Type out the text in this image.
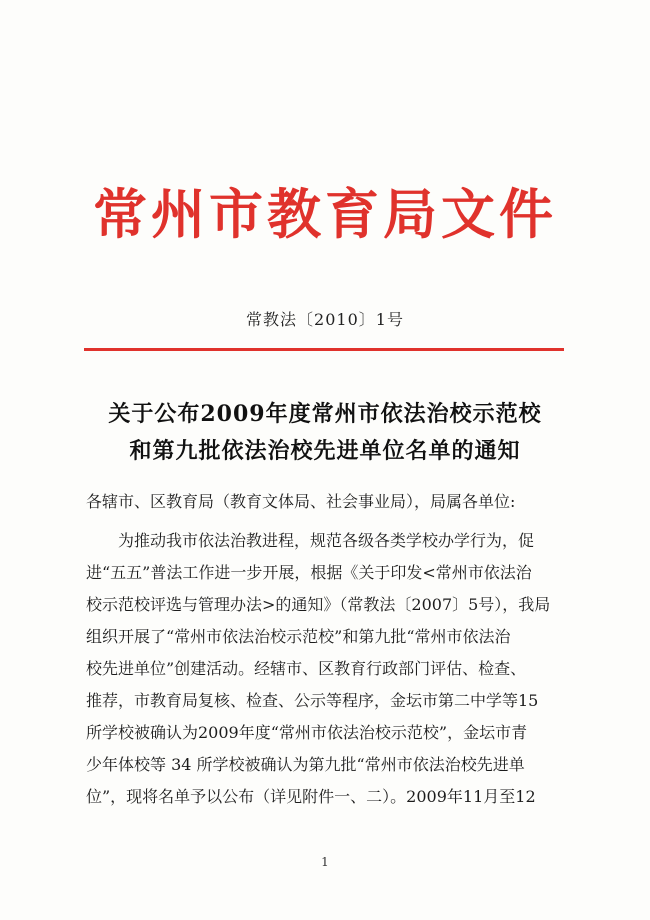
常州市教育局文件
常教法〔2010〕1号
关于公布2009年度常州市依法治校示范校
和第九批依法治校先进单位名单的通知
各辖市、区教育局（教育文体局、社会事业局），局属各单位:
为推动我市依法治教进程，规范各级各类学校办学行为，促
进“五五”普法工作进一步开展，根据《关于印发<常州市依法治
校示范校评选与管理办法>的通知》（常教法〔2007〕5号），我局
组织开展了“常州市依法治校示范校”和第九批“常州市依法治
校先进单位”创建活动。经辖市、区教育行政部门评估、检查、
推荐，市教育局复核、检查、公示等程序，金坛市第二中学等15
所学校被确认为2009年度“常州市依法治校示范校”，金坛市青
少年体校等 34 所学校被确认为第九批“常州市依法治校先进单
位”，现将名单予以公布（详见附件一、二）。2009年11月至12
1
